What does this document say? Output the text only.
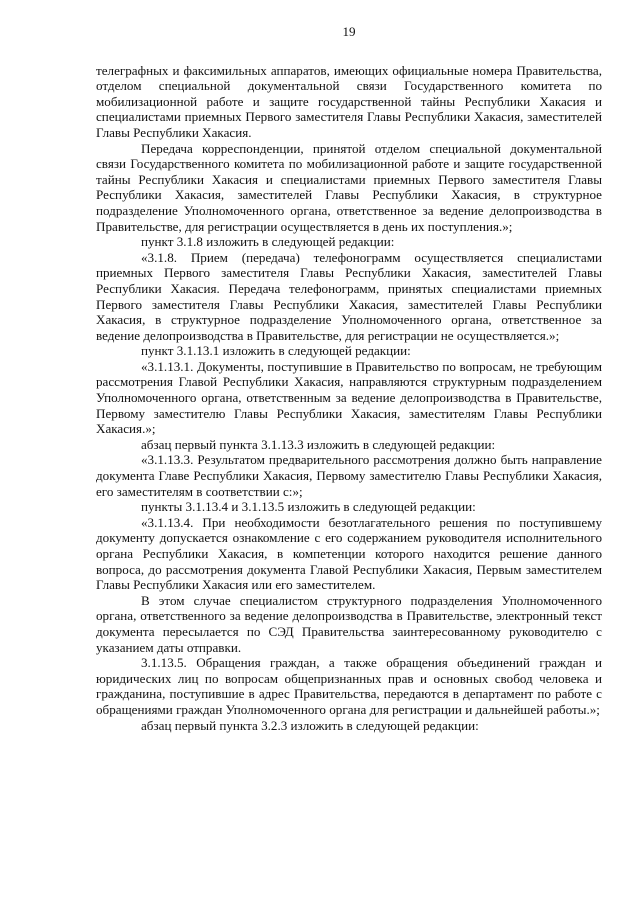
19

телеграфных и факсимильных аппаратов, имеющих официальные номера Правительства, отделом специальной документальной связи Государственного комитета по мобилизационной работе и защите государственной тайны Республики Хакасия и специалистами приемных Первого заместителя Главы Республики Хакасия, заместителей Главы Республики Хакасия.

Передача корреспонденции, принятой отделом специальной документальной связи Государственного комитета по мобилизационной работе и защите государственной тайны Республики Хакасия и специалистами приемных Первого заместителя Главы Республики Хакасия, заместителей Главы Республики Хакасия, в структурное подразделение Уполномоченного органа, ответственное за ведение делопроизводства в Правительстве, для регистрации осуществляется в день их поступления.»;

пункт 3.1.8 изложить в следующей редакции:

«3.1.8. Прием (передача) телефонограмм осуществляется специалистами приемных Первого заместителя Главы Республики Хакасия, заместителей Главы Республики Хакасия. Передача телефонограмм, принятых специалистами приемных Первого заместителя Главы Республики Хакасия, заместителей Главы Республики Хакасия, в структурное подразделение Уполномоченного органа, ответственное за ведение делопроизводства в Правительстве, для регистрации не осуществляется.»;

пункт 3.1.13.1 изложить в следующей редакции:

«3.1.13.1. Документы, поступившие в Правительство по вопросам, не требующим рассмотрения Главой Республики Хакасия, направляются структурным подразделением Уполномоченного органа, ответственным за ведение делопроизводства в Правительстве, Первому заместителю Главы Республики Хакасия, заместителям Главы Республики Хакасия.»;

абзац первый пункта 3.1.13.3 изложить в следующей редакции:

«3.1.13.3. Результатом предварительного рассмотрения должно быть направление документа Главе Республики Хакасия, Первому заместителю Главы Республики Хакасия, его заместителям в соответствии с:»;

пункты 3.1.13.4 и 3.1.13.5 изложить в следующей редакции:

«3.1.13.4. При необходимости безотлагательного решения по поступившему документу допускается ознакомление с его содержанием руководителя исполнительного органа Республики Хакасия, в компетенции которого находится решение данного вопроса, до рассмотрения документа Главой Республики Хакасия, Первым заместителем Главы Республики Хакасия или его заместителем.

В этом случае специалистом структурного подразделения Уполномоченного органа, ответственного за ведение делопроизводства в Правительстве, электронный текст документа пересылается по СЭД Правительства заинтересованному руководителю с указанием даты отправки.

3.1.13.5. Обращения граждан, а также обращения объединений граждан и юридических лиц по вопросам общепризнанных прав и основных свобод человека и гражданина, поступившие в адрес Правительства, передаются в департамент по работе с обращениями граждан Уполномоченного органа для регистрации и дальнейшей работы.»;

абзац первый пункта 3.2.3 изложить в следующей редакции:
